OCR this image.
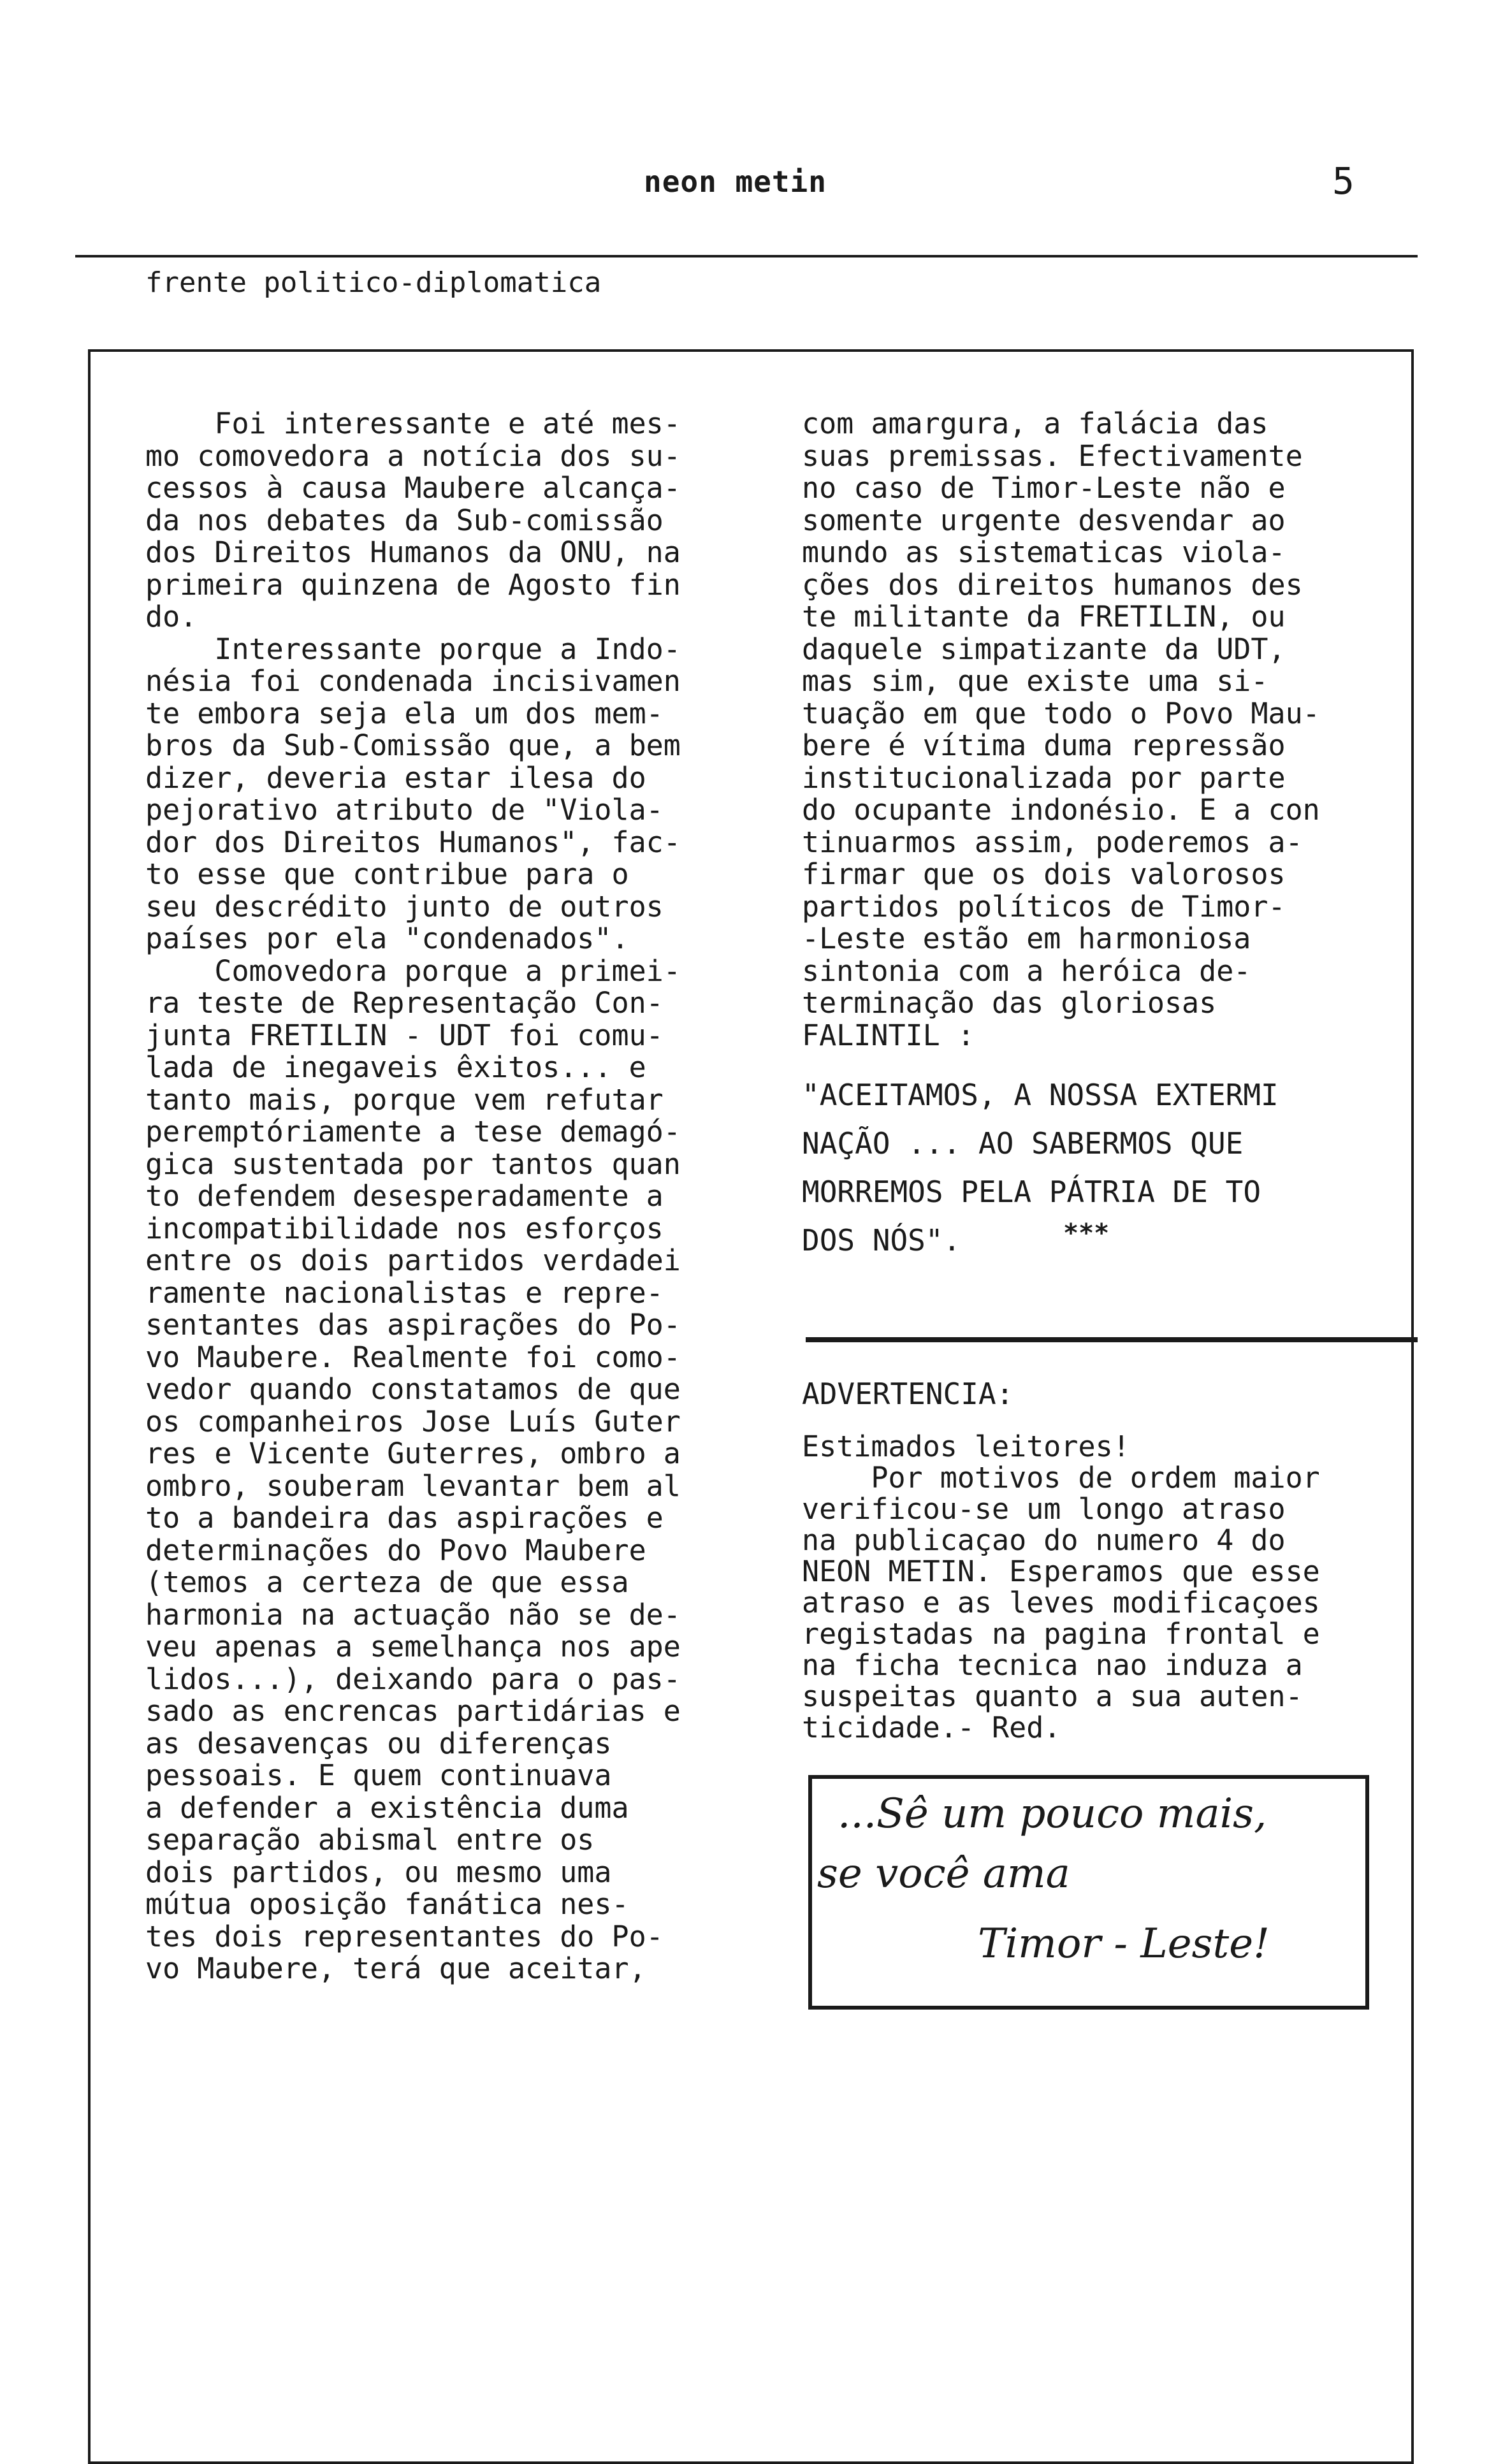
neon metin	5
frente politico-diplomatica
Foi interessante e até mes-
mo comovedora a notícia dos su-
cessos à causa Maubere alcança-
da nos debates da Sub-comissão
dos Direitos Humanos da ONU, na
primeira quinzena de Agosto fin
do.
Interessante porque a Indo-
nésia foi condenada incisivamen
te embora seja ela um dos mem-
bros da Sub-Comissão que, a bem
dizer, deveria estar ilesa do
pejorativo atributo de "Viola-
dor dos Direitos Humanos", fac-
to esse que contribue para o
seu descrédito junto de outros
países por ela "condenados".
Comovedora porque a primei-
ra teste de Representação Con-
junta FRETILIN - UDT foi comu-
lada de inegaveis êxitos... e
tanto mais, porque vem refutar
peremptóriamente a tese demagó-
gica sustentada por tantos quan
to defendem desesperadamente a
incompatibilidade nos esforços
entre os dois partidos verdadei
ramente nacionalistas e repre-
sentantes das aspirações do Po-
vo Maubere. Realmente foi como-
vedor quando constatamos de que
os companheiros Jose Luís Guter
res e Vicente Guterres, ombro a
ombro, souberam levantar bem al
to a bandeira das aspirações e
determinações do Povo Maubere
(temos a certeza de que essa
harmonia na actuação não se de-
veu apenas a semelhança nos ape
lidos...), deixando para o pas-
sado as encrencas partidárias e
as desavenças ou diferenças
pessoais. E quem continuava
a defender a existência duma
separação abismal entre os
dois partidos, ou mesmo uma
mútua oposição fanática nes-
tes dois representantes do Po-
vo Maubere, terá que aceitar,
com amargura, a falácia das
suas premissas. Efectivamente
no caso de Timor-Leste não e
somente urgente desvendar ao
mundo as sistematicas viola-
ções dos direitos humanos des
te militante da FRETILIN, ou
daquele simpatizante da UDT,
mas sim, que existe uma si-
tuação em que todo o Povo Mau-
bere é vítima duma repressão
institucionalizada por parte
do ocupante indonésio. E a con
tinuarmos assim, poderemos a-
firmar que os dois valorosos
partidos políticos de Timor-
-Leste estão em harmoniosa
sintonia com a heróica de-
terminação das gloriosas
FALINTIL :
"ACEITAMOS, A NOSSA EXTERMI
NAÇÃO ... AO SABERMOS QUE
MORREMOS PELA PÁTRIA DE TO
DOS NÓS".	***
ADVERTENCIA:
Estimados leitores!
Por motivos de ordem maior
verificou-se um longo atraso
na publicaçao do numero 4 do
NEON METIN. Esperamos que esse
atraso e as leves modificaçoes
registadas na pagina frontal e
na ficha tecnica nao induza a
suspeitas quanto a sua auten-
ticidade.- Red.
...Sê um pouco mais,
se você ama
Timor - Leste!
